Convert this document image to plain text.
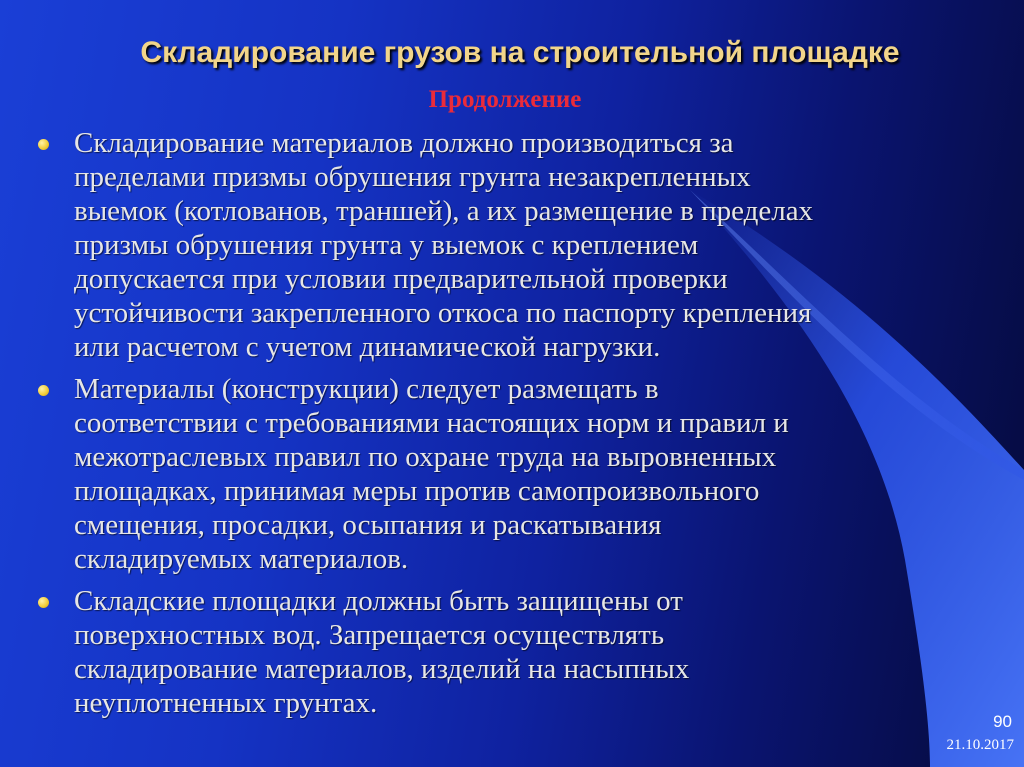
Складирование грузов на строительной площадке
Продолжение
Складирование материалов должно производиться за
пределами призмы обрушения грунта незакрепленных
выемок (котлованов, траншей), а их размещение в пределах
призмы обрушения грунта у выемок с креплением
допускается при условии предварительной проверки
устойчивости закрепленного откоса по паспорту крепления
или расчетом с учетом динамической нагрузки.
Материалы (конструкции) следует размещать в
соответствии с требованиями настоящих норм и правил и
межотраслевых правил по охране труда на выровненных
площадках, принимая меры против самопроизвольного
смещения, просадки, осыпания и раскатывания
складируемых материалов.
Складские площадки должны быть защищены от
поверхностных вод. Запрещается осуществлять
складирование материалов, изделий на насыпных
неуплотненных грунтах.
90
21.10.2017
